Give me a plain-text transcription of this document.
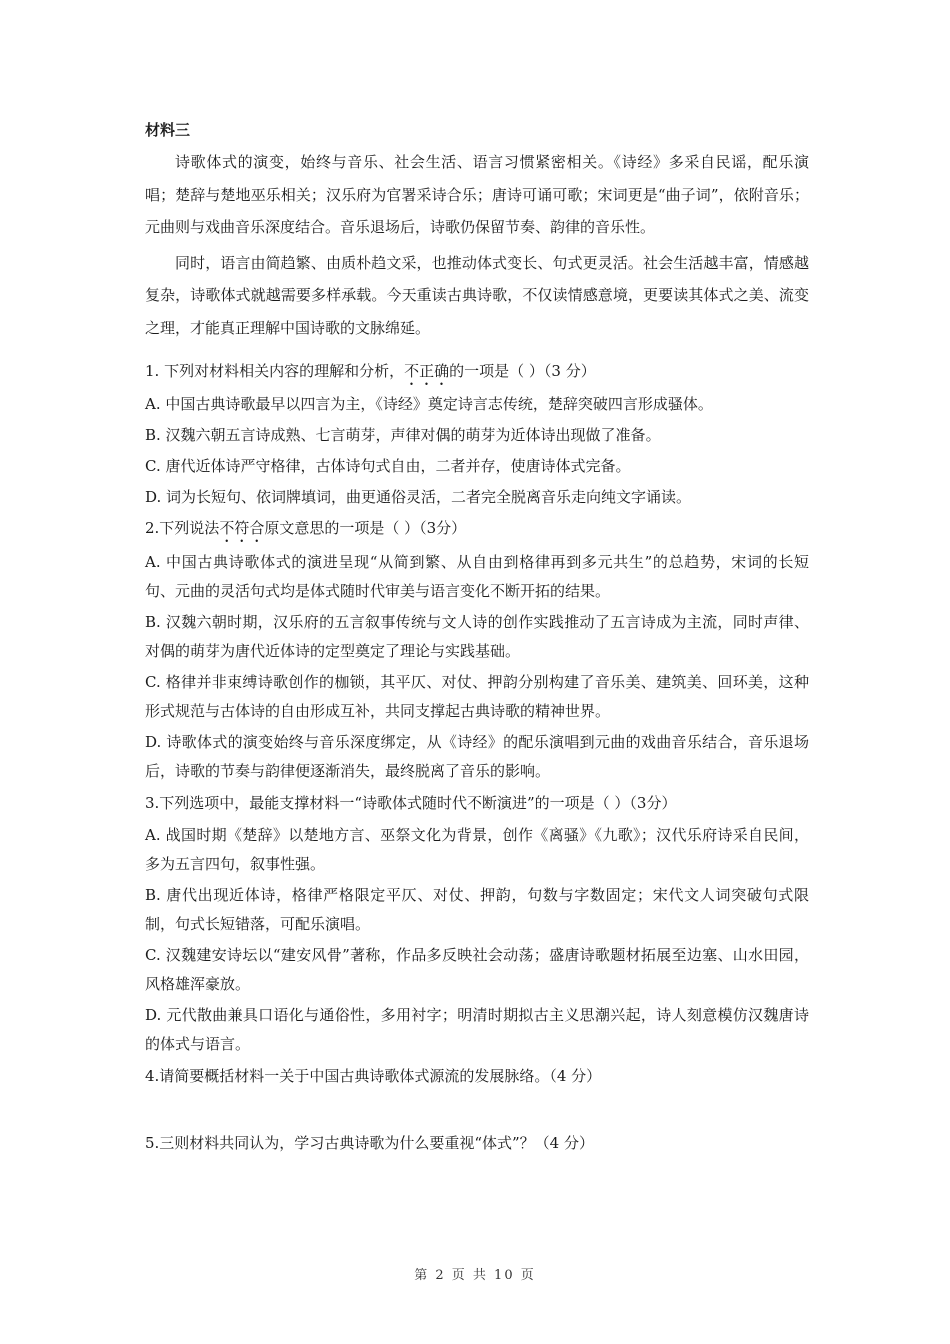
材料三

诗歌体式的演变，始终与音乐、社会生活、语言习惯紧密相关。《诗经》多采自民谣，配乐演唱；楚辞与楚地巫乐相关；汉乐府为官署采诗合乐；唐诗可诵可歌；宋词更是“曲子词”，依附音乐；元曲则与戏曲音乐深度结合。音乐退场后，诗歌仍保留节奏、韵律的音乐性。

同时，语言由简趋繁、由质朴趋文采，也推动体式变长、句式更灵活。社会生活越丰富，情感越复杂，诗歌体式就越需要多样承载。今天重读古典诗歌，不仅读情感意境，更要读其体式之美、流变之理，才能真正理解中国诗歌的文脉绵延。

1. 下列对材料相关内容的理解和分析，不正确的一项是（ ）（3 分）

A. 中国古典诗歌最早以四言为主，《诗经》奠定诗言志传统，楚辞突破四言形成骚体。

B. 汉魏六朝五言诗成熟、七言萌芽，声律对偶的萌芽为近体诗出现做了准备。

C. 唐代近体诗严守格律，古体诗句式自由，二者并存，使唐诗体式完备。

D. 词为长短句、依词牌填词，曲更通俗灵活，二者完全脱离音乐走向纯文字诵读。

2.下列说法不符合原文意思的一项是（ ）（3分）

A. 中国古典诗歌体式的演进呈现“从简到繁、从自由到格律再到多元共生”的总趋势，宋词的长短句、元曲的灵活句式均是体式随时代审美与语言变化不断开拓的结果。

B. 汉魏六朝时期，汉乐府的五言叙事传统与文人诗的创作实践推动了五言诗成为主流，同时声律、对偶的萌芽为唐代近体诗的定型奠定了理论与实践基础。

C. 格律并非束缚诗歌创作的枷锁，其平仄、对仗、押韵分别构建了音乐美、建筑美、回环美，这种形式规范与古体诗的自由形成互补，共同支撑起古典诗歌的精神世界。

D. 诗歌体式的演变始终与音乐深度绑定，从《诗经》的配乐演唱到元曲的戏曲音乐结合，音乐退场后，诗歌的节奏与韵律便逐渐消失，最终脱离了音乐的影响。

3.下列选项中，最能支撑材料一“诗歌体式随时代不断演进”的一项是（ ）（3分）

A. 战国时期《楚辞》以楚地方言、巫祭文化为背景，创作《离骚》《九歌》；汉代乐府诗采自民间，多为五言四句，叙事性强。

B. 唐代出现近体诗，格律严格限定平仄、对仗、押韵，句数与字数固定；宋代文人词突破句式限制，句式长短错落，可配乐演唱。

C. 汉魏建安诗坛以“建安风骨”著称，作品多反映社会动荡；盛唐诗歌题材拓展至边塞、山水田园，风格雄浑豪放。

D. 元代散曲兼具口语化与通俗性，多用衬字；明清时期拟古主义思潮兴起，诗人刻意模仿汉魏唐诗的体式与语言。

4.请简要概括材料一关于中国古典诗歌体式源流的发展脉络。（4 分）

5.三则材料共同认为，学习古典诗歌为什么要重视“体式”？（4 分）

第 2 页 共 10 页
